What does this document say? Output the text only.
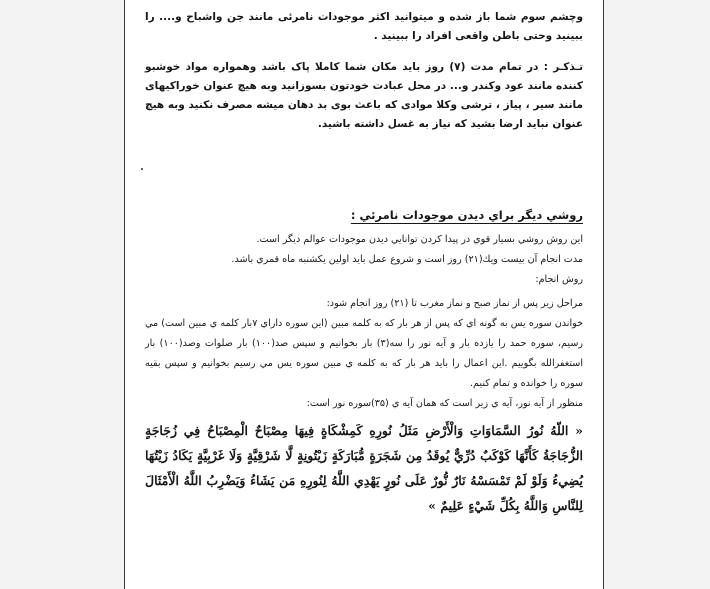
وچشم سوم شما باز شده و میتوانید اکثر موجودات نامرئی مانند جن واشباح و.... را ببینید وحتی باطن واقعی افراد را ببینید .

تـذکـر : در تمام مدت (۷) روز باید مکان شما کاملا پاک باشد وهمواره مواد خوشبو کننده مانند عود وکندر و... در محل عبادت خودتون بسوزانید وبه هیچ عنوان خوراکیهای مانند سیر ، پیاز ، ترشی وکلا موادی که باعث بوی بد دهان میشه مصرف نکنید وبه هیچ عنوان نباید ارضا بشید که نیاز به غسل داشته باشید.

روشي ديگر براي ديدن موجودات نامرئي :

اين روش روشي بسيار قوي در پيدا كردن توانايي ديدن موجودات عوالم ديگر است.

مدت انجام آن بيست ويك(۲۱) روز است و شروع عمل بايد اولين يكشنبه ماه قمري باشد.

روش انجام:

مراحل زير پس از نماز صبح و نماز مغرب تا (۲۱) روز انجام شود:

خواندن سوره يس به گونه اي كه پس از هر بار كه به كلمه مبين (اين سوره داراي ۷بار كلمه ي مبين است) مي رسيم، سوره حمد را يازده بار و آيه نور را سه(۳) بار بخوانيم و سپس صد(۱۰۰) بار صلوات وصد(۱۰۰) بار استغفرالله بگوييم .اين اعمال را بايد هر بار كه به كلمه ي مبين سوره يس مي رسيم بخوانيم و سپس بقيه سوره را خوانده و تمام كنيم.

منظور از آيه نور، آيه ي زير است كه همان آيه ي (۳۵)سوره نور است:

« اللّهُ نُورُ السَّمَاوَاتِ وَالْأَرْضِ مَثَلُ نُورِهِ كَمِشْكَاةٍ فِيهَا مِصْبَاحٌ الْمِصْبَاحُ فِي زُجَاجَةٍ الزُّجَاجَةُ كَأَنَّهَا كَوْكَبٌ دُرِّيٌّ يُوقَدُ مِن شَجَرَةٍ مُّبَارَكَةٍ زَيْتُونِةٍ لَّا شَرْقِيَّةٍ وَلَا غَرْبِيَّةٍ يَكَادُ زَيْتُهَا يُضِيءُ وَلَوْ لَمْ تَمْسَسْهُ نَارٌ نُّورٌ عَلَى نُورٍ يَهْدِي اللَّهُ لِنُورِهِ مَن يَشَاءُ وَيَضْرِبُ اللَّهُ الْأَمْثَالَ لِلنَّاسِ وَاللَّهُ بِكُلِّ شَيْءٍ عَلِيمٌ »
